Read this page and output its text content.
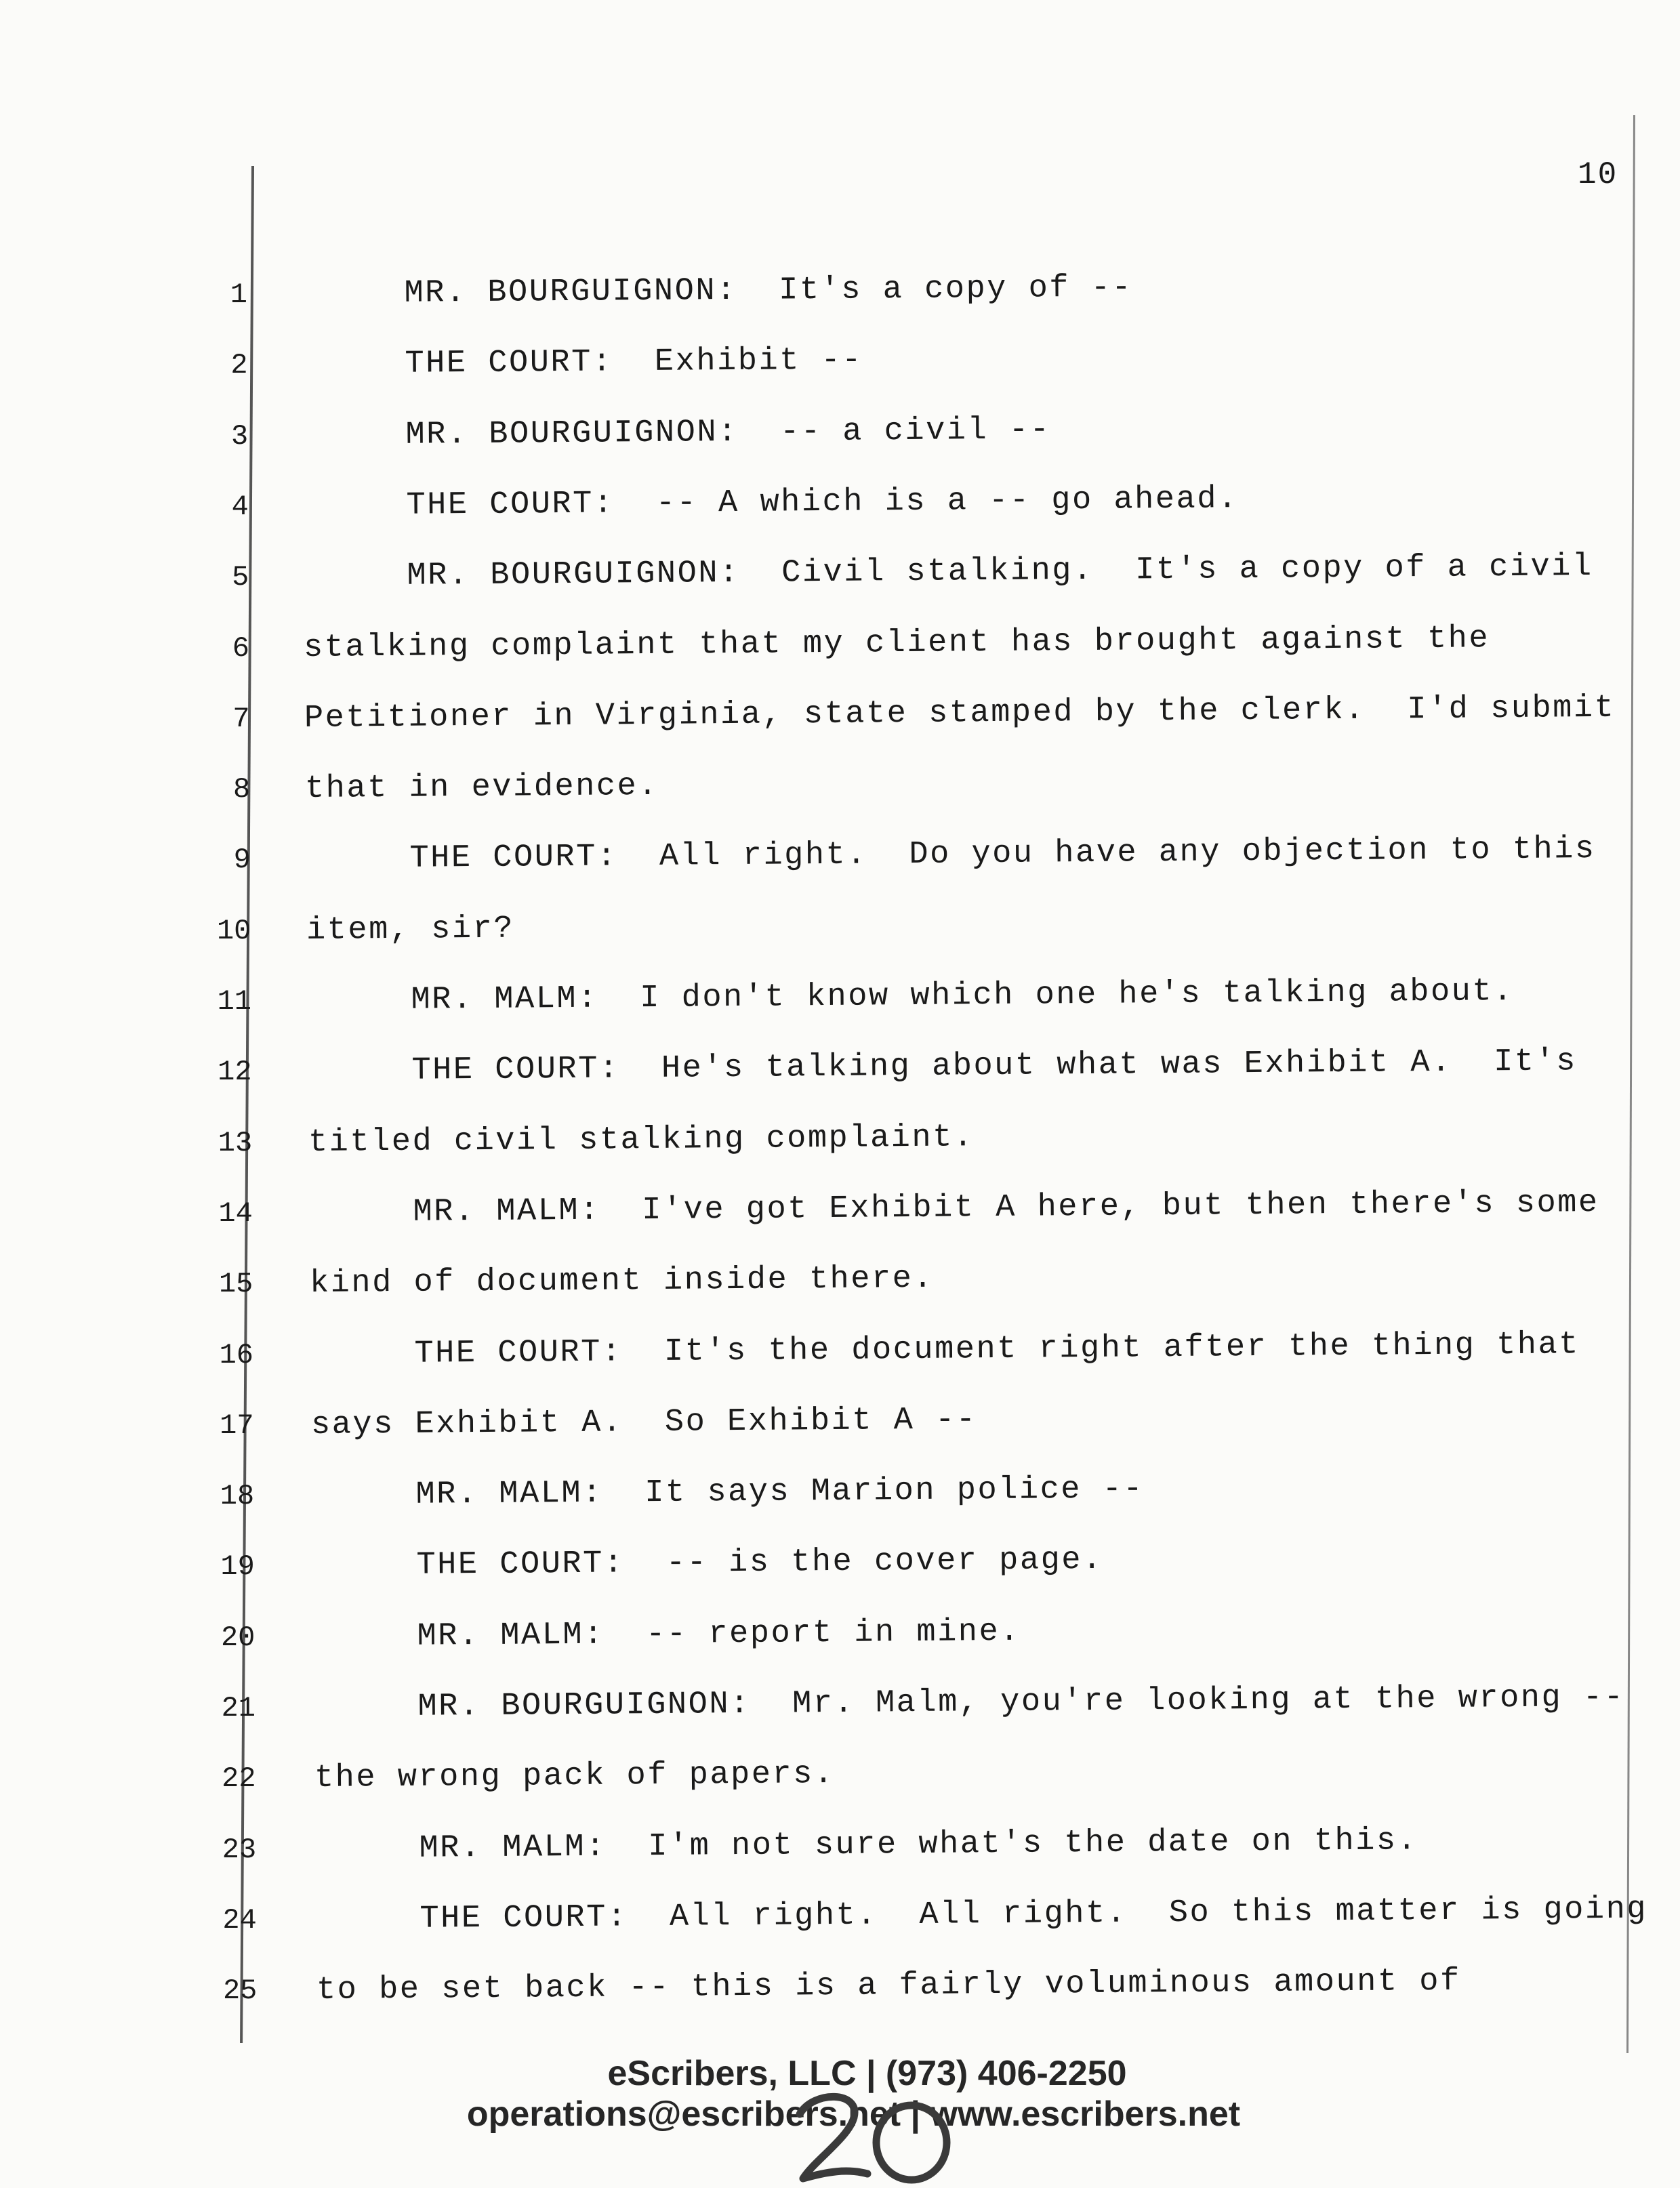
10
1 MR. BOURGUIGNON:  It's a copy of --
2 THE COURT:  Exhibit --
3 MR. BOURGUIGNON:  -- a civil --
4 THE COURT:  -- A which is a -- go ahead.
5 MR. BOURGUIGNON:  Civil stalking.  It's a copy of a civil
6 stalking complaint that my client has brought against the
7 Petitioner in Virginia, state stamped by the clerk.  I'd submit
8 that in evidence.
9 THE COURT:  All right.  Do you have any objection to this
10 item, sir?
11 MR. MALM:  I don't know which one he's talking about.
12 THE COURT:  He's talking about what was Exhibit A.  It's
13 titled civil stalking complaint.
14 MR. MALM:  I've got Exhibit A here, but then there's some
15 kind of document inside there.
16 THE COURT:  It's the document right after the thing that
17 says Exhibit A.  So Exhibit A --
18 MR. MALM:  It says Marion police --
19 THE COURT:  -- is the cover page.
20 MR. MALM:  -- report in mine.
21 MR. BOURGUIGNON:  Mr. Malm, you're looking at the wrong --
22 the wrong pack of papers.
23 MR. MALM:  I'm not sure what's the date on this.
24 THE COURT:  All right.  All right.  So this matter is going
25 to be set back -- this is a fairly voluminous amount of
eScribers, LLC | (973) 406-2250
operations@escribers.net | www.escribers.net
